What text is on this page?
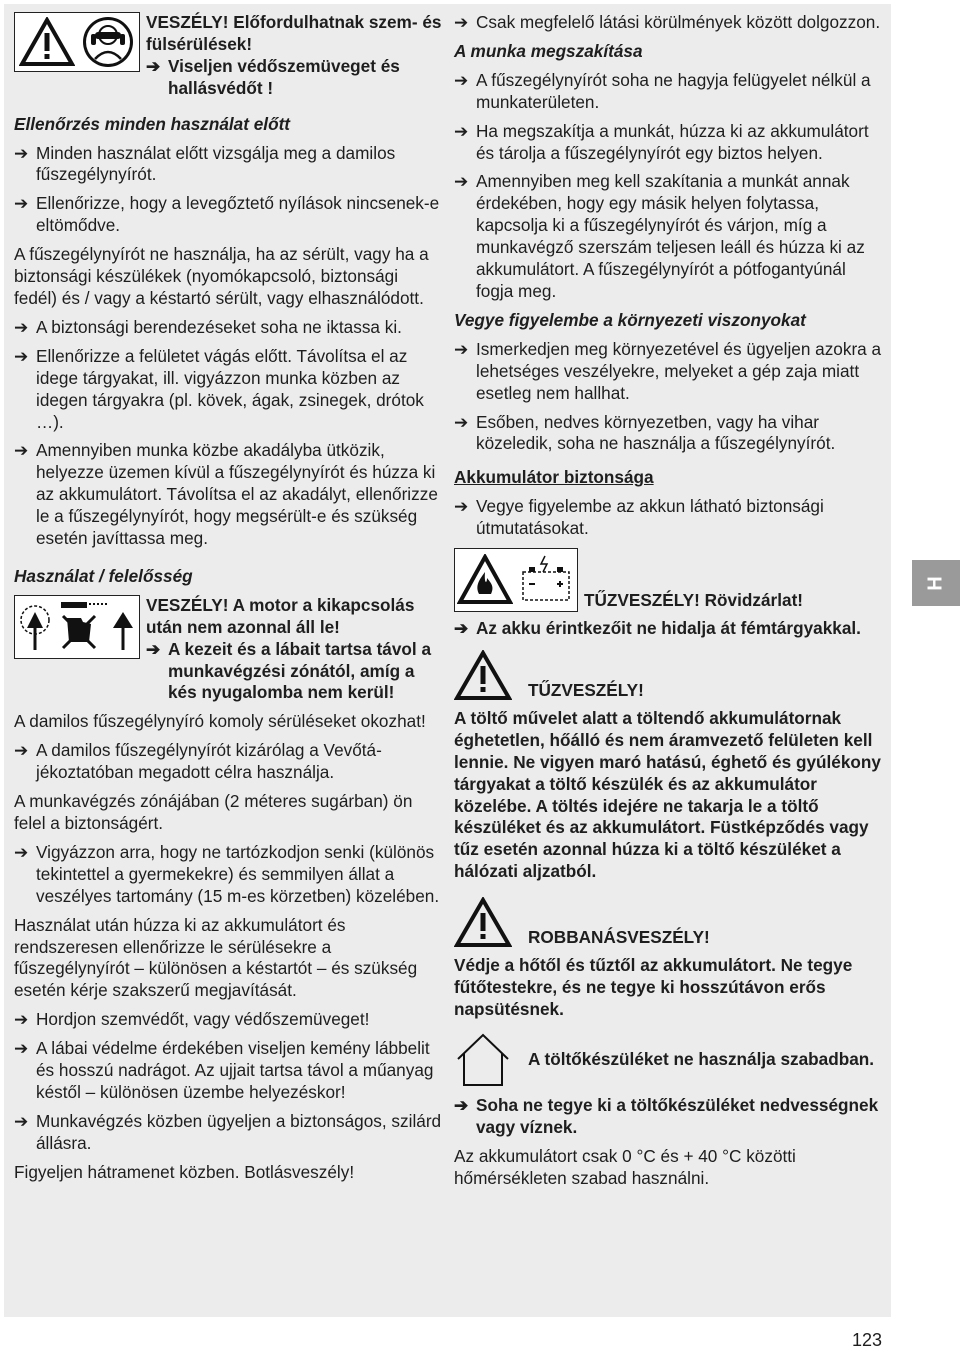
VESZÉLY! Előfordulhatnak szem- és fülsérülések!
➔ Viseljen védőszemüveget és hallásvédőt !
Ellenőrzés minden használat előtt
➔ Minden használat előtt vizsgálja meg a damilos fűszegélynyírót.
➔ Ellenőrizze, hogy a levegőztető nyílások nincsenek-e eltömődve.
A fűszegélynyírót ne használja, ha az sérült, vagy ha a biztonsági készülékek (nyomókapcsoló, biztonsági fedél) és / vagy a késtartó sérült, vagy elhasználódott.
➔ A biztonsági berendezéseket soha ne iktassa ki.
➔ Ellenőrizze a felületet vágás előtt. Távolítsa el az idege tárgyakat, ill. vigyázzon munka közben az idegen tárgyakra (pl. kövek, ágak, zsinegek, drótok …).
➔ Amennyiben munka közbe akadályba ütközik, helyezze üzemen kívül a fűszegélynyírót és húzza ki az akkumulátort. Távolítsa el az akadályt, ellenőrizze le a fűszegélynyírót, hogy megsérült-e és szükség esetén javíttassa meg.
Használat / felelősség
VESZÉLY! A motor a kikapcsolás után nem azonnal áll le!
➔ A kezeit és a lábait tartsa távol a munkavégzési zónától, amíg a kés nyugalomba nem kerül!
A damilos fűszegélynyíró komoly sérüléseket okozhat!
➔ A damilos fűszegélynyírót kizárólag a Vevőtájékoztatóban megadott célra használja.
A munkavégzés zónájában (2 méteres sugárban) ön felel a biztonságért.
➔ Vigyázzon arra, hogy ne tartózkodjon senki (különös tekintettel a gyermekekre) és semmilyen állat a veszélyes tartomány (15 m-es körzetben) közelében.
Használat után húzza ki az akkumulátort és rendszeresen ellenőrizze le sérülésekre a fűszegélynyírót – különösen a késtartót – és szükség esetén kérje szakszerű megjavítását.
➔ Hordjon szemvédőt, vagy védőszemüveget!
➔ A lábai védelme érdekében viseljen kemény lábbelit és hosszú nadrágot. Az ujjait tartsa távol a műanyag késtől – különösen üzembe helyezéskor!
➔ Munkavégzés közben ügyeljen a biztonságos, szilárd állásra.
Figyeljen hátramenet közben. Botlásveszély!
➔ Csak megfelelő látási körülmények között dolgozzon.
A munka megszakítása
➔ A fűszegélynyírót soha ne hagyja felügyelet nélkül a munkaterületen.
➔ Ha megszakítja a munkát, húzza ki az akkumulátort és tárolja a fűszegélynyírót egy biztos helyen.
➔ Amennyiben meg kell szakítania a munkát annak érdekében, hogy egy másik helyen folytassa, kapcsolja ki a fűszegélynyírót és várjon, míg a munkavégző szerszám teljesen leáll és húzza ki az akkumulátort. A fűszegélynyírót a pótfogantyúnál fogja meg.
Vegye figyelembe a környezeti viszonyokat
➔ Ismerkedjen meg környezetével és ügyeljen azokra a lehetséges veszélyekre, melyeket a gép zaja miatt esetleg nem hallhat.
➔ Esőben, nedves környezetben, vagy ha vihar közeledik, soha ne használja a fűszegélynyírót.
Akkumulátor biztonsága
➔ Vegye figyelembe az akkun látható biztonsági útmutatásokat.
TŰZVESZÉLY! Rövidzárlat!
➔ Az akku érintkezőit ne hidalja át fémtárgyakkal.
TŰZVESZÉLY!
A töltő művelet alatt a töltendő akkumulátornak éghetetlen, hőálló és nem áramvezető felületen kell lennie. Ne vigyen maró hatású, éghető és gyúlékony tárgyakat a töltő készülék és az akkumulátor közelébe. A töltés idejére ne takarja le a töltő készüléket és az akkumulátort. Füstképződés vagy tűz esetén azonnal húzza ki a töltő készüléket a hálózati aljzatból.
ROBBANÁSVESZÉLY!
Védje a hőtől és tűztől az akkumulátort. Ne tegye fűtőtestekre, és ne tegye ki hosszútávon erős napsütésnek.
A töltőkészüléket ne használja szabadban.
➔ Soha ne tegye ki a töltőkészüléket nedvességnek vagy víznek.
Az akkumulátort csak 0 °C és + 40 °C közötti hőmérsékleten szabad használni.
H
123
